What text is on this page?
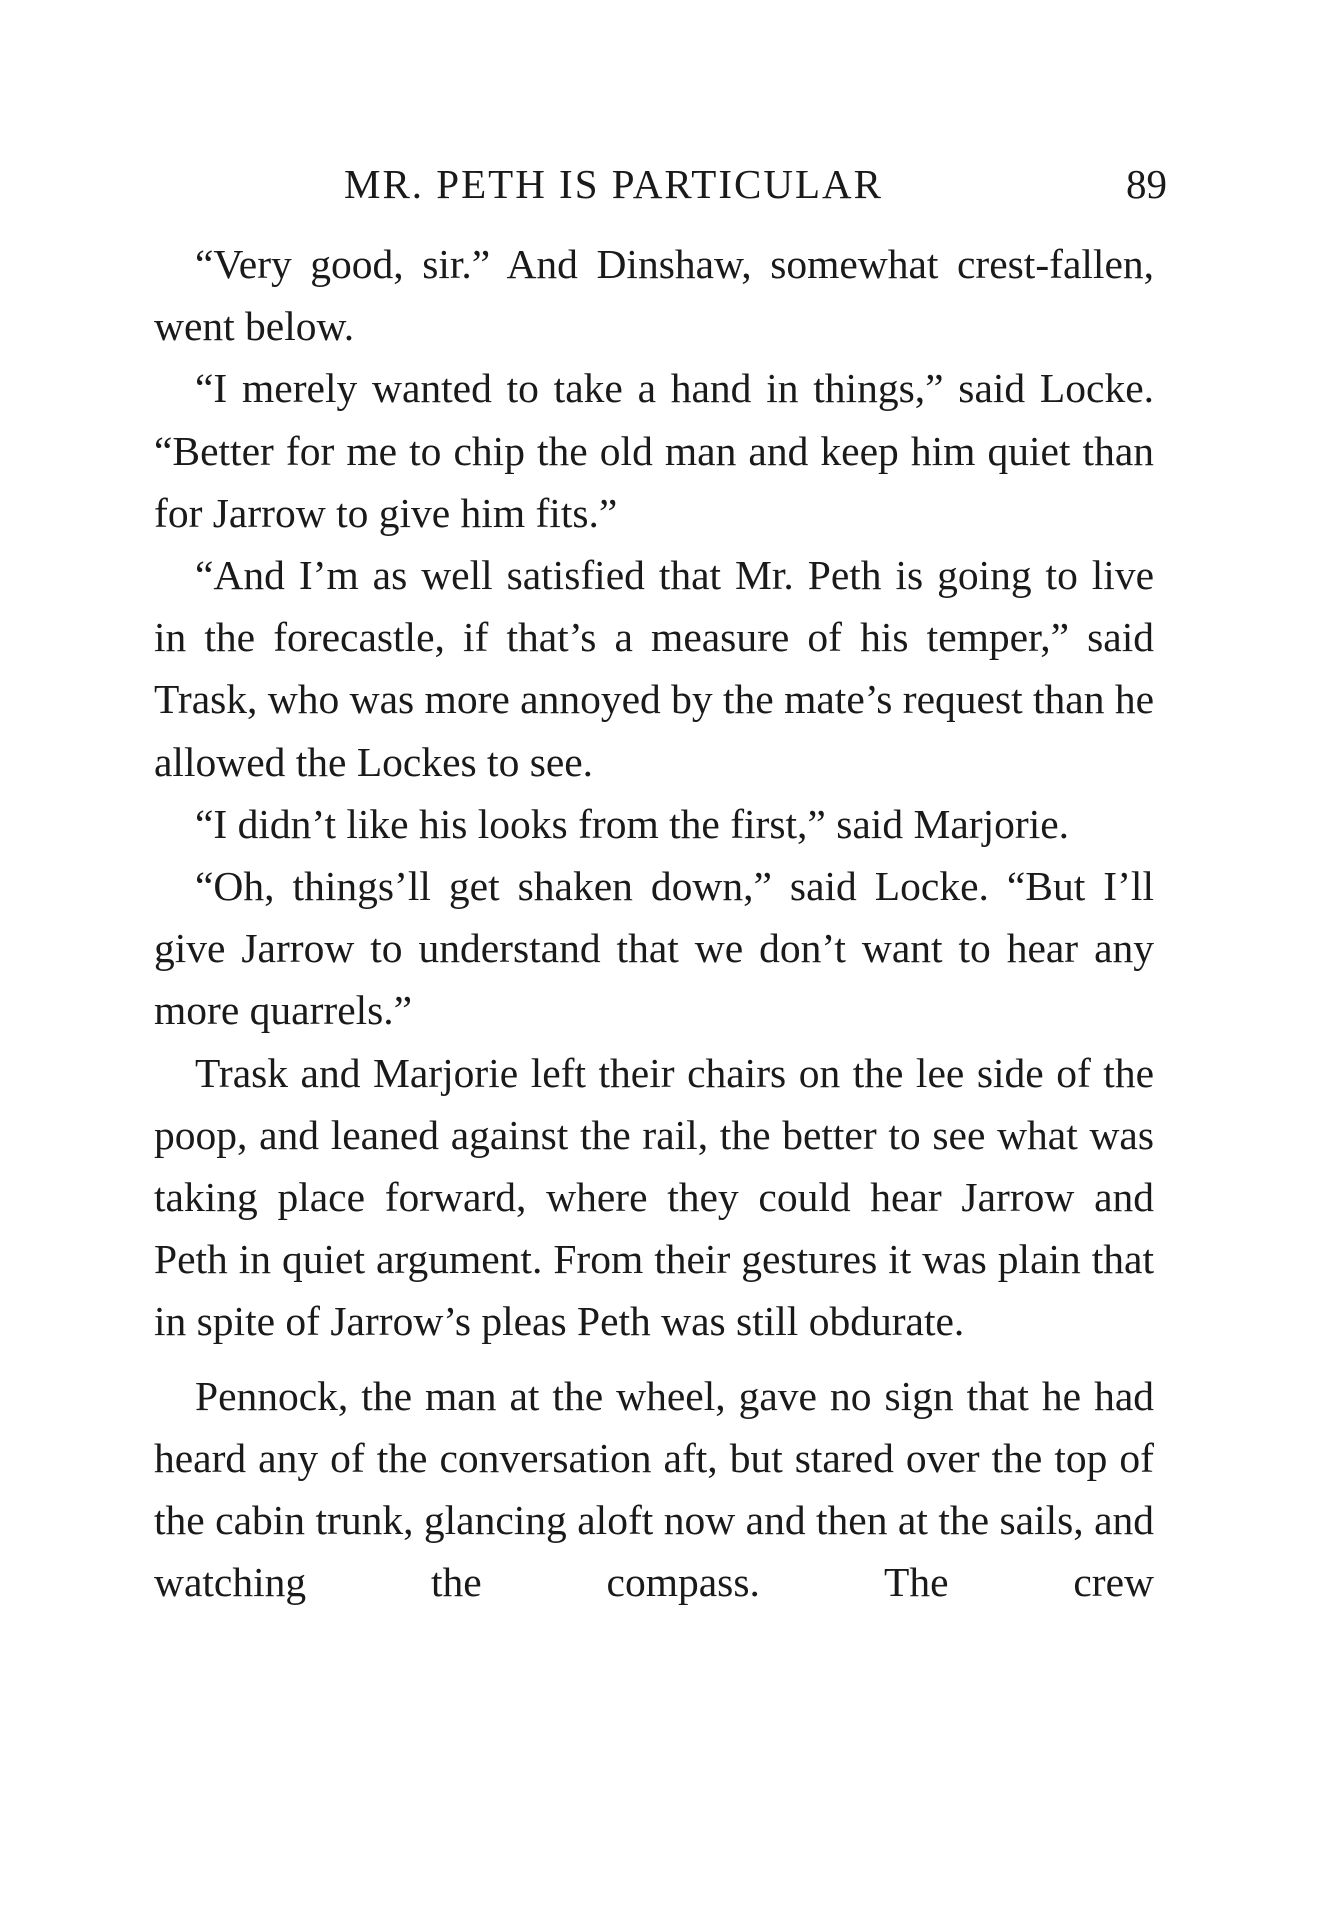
MR. PETH IS PARTICULAR	89

“Very good, sir.” And Dinshaw, somewhat crest-fallen, went below.

“I merely wanted to take a hand in things,” said Locke. “Better for me to chip the old man and keep him quiet than for Jarrow to give him fits.”

“And I’m as well satisfied that Mr. Peth is going to live in the forecastle, if that’s a measure of his temper,” said Trask, who was more annoyed by the mate’s request than he allowed the Lockes to see.

“I didn’t like his looks from the first,” said Marjorie.

“Oh, things’ll get shaken down,” said Locke. “But I’ll give Jarrow to understand that we don’t want to hear any more quarrels.”

Trask and Marjorie left their chairs on the lee side of the poop, and leaned against the rail, the better to see what was taking place forward, where they could hear Jarrow and Peth in quiet argument. From their gestures it was plain that in spite of Jarrow’s pleas Peth was still obdurate.

Pennock, the man at the wheel, gave no sign that he had heard any of the conversation aft, but stared over the top of the cabin trunk, glancing aloft now and then at the sails, and watching the compass. The crew
